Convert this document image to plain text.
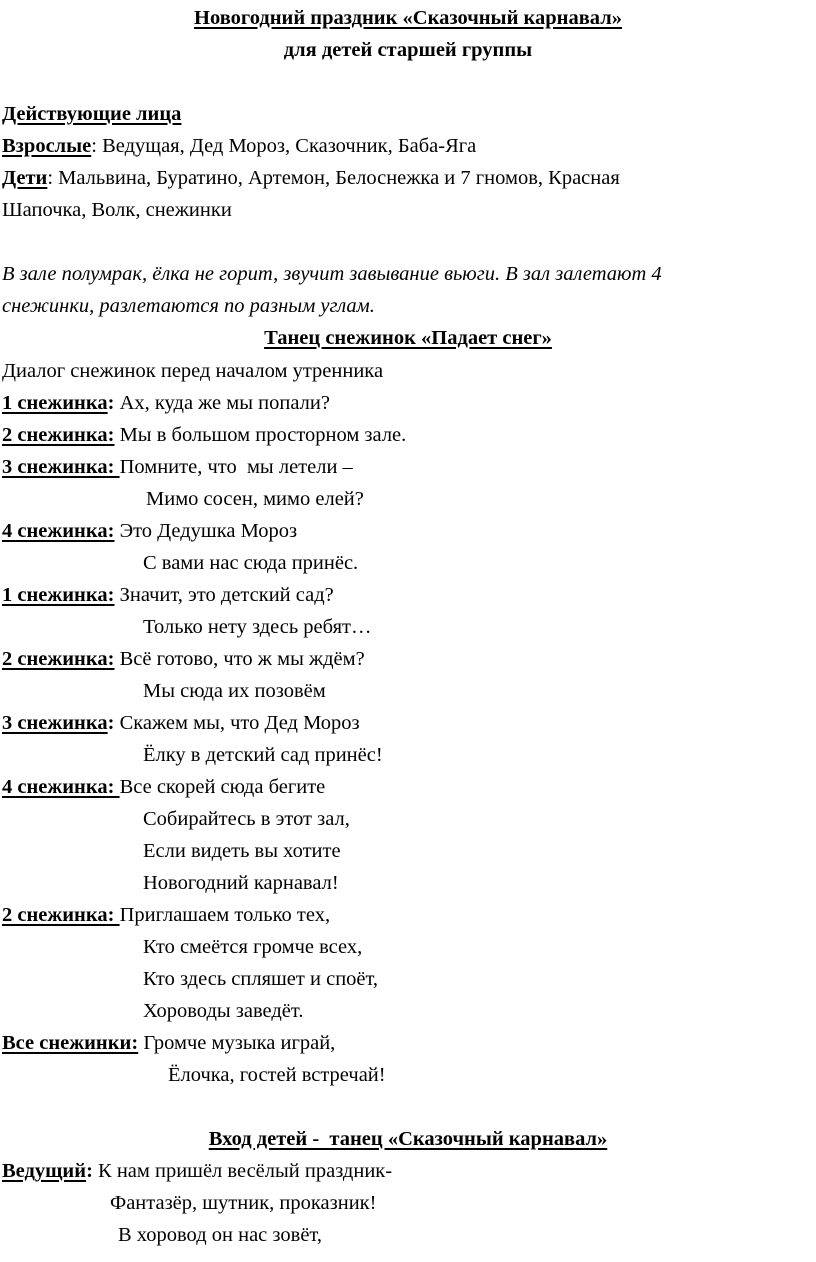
Новогодний праздник «Сказочный карнавал»
для детей старшей группы
Действующие лица
Взрослые: Ведущая, Дед Мороз, Сказочник, Баба-Яга
Дети: Мальвина, Буратино, Артемон, Белоснежка и 7 гномов, Красная
Шапочка, Волк, снежинки
В зале полумрак, ёлка не горит, звучит завывание вьюги. В зал залетают 4
снежинки, разлетаются по разным углам.
Танец снежинок «Падает снег»
Диалог снежинок перед началом утренника
1 снежинка: Ах, куда же мы попали?
2 снежинка: Мы в большом просторном зале.
3 снежинка: Помните, что  мы летели –
Мимо сосен, мимо елей?
4 снежинка: Это Дедушка Мороз
С вами нас сюда принёс.
1 снежинка: Значит, это детский сад?
Только нету здесь ребят…
2 снежинка: Всё готово, что ж мы ждём?
Мы сюда их позовём
3 снежинка: Скажем мы, что Дед Мороз
Ёлку в детский сад принёс!
4 снежинка: Все скорей сюда бегите
Собирайтесь в этот зал,
Если видеть вы хотите
Новогодний карнавал!
2 снежинка: Приглашаем только тех,
Кто смеётся громче всех,
Кто здесь спляшет и споёт,
Хороводы заведёт.
Все снежинки: Громче музыка играй,
Ёлочка, гостей встречай!
Вход детей -  танец «Сказочный карнавал»
Ведущий: К нам пришёл весёлый праздник-
Фантазёр, шутник, проказник!
В хоровод он нас зовёт,
